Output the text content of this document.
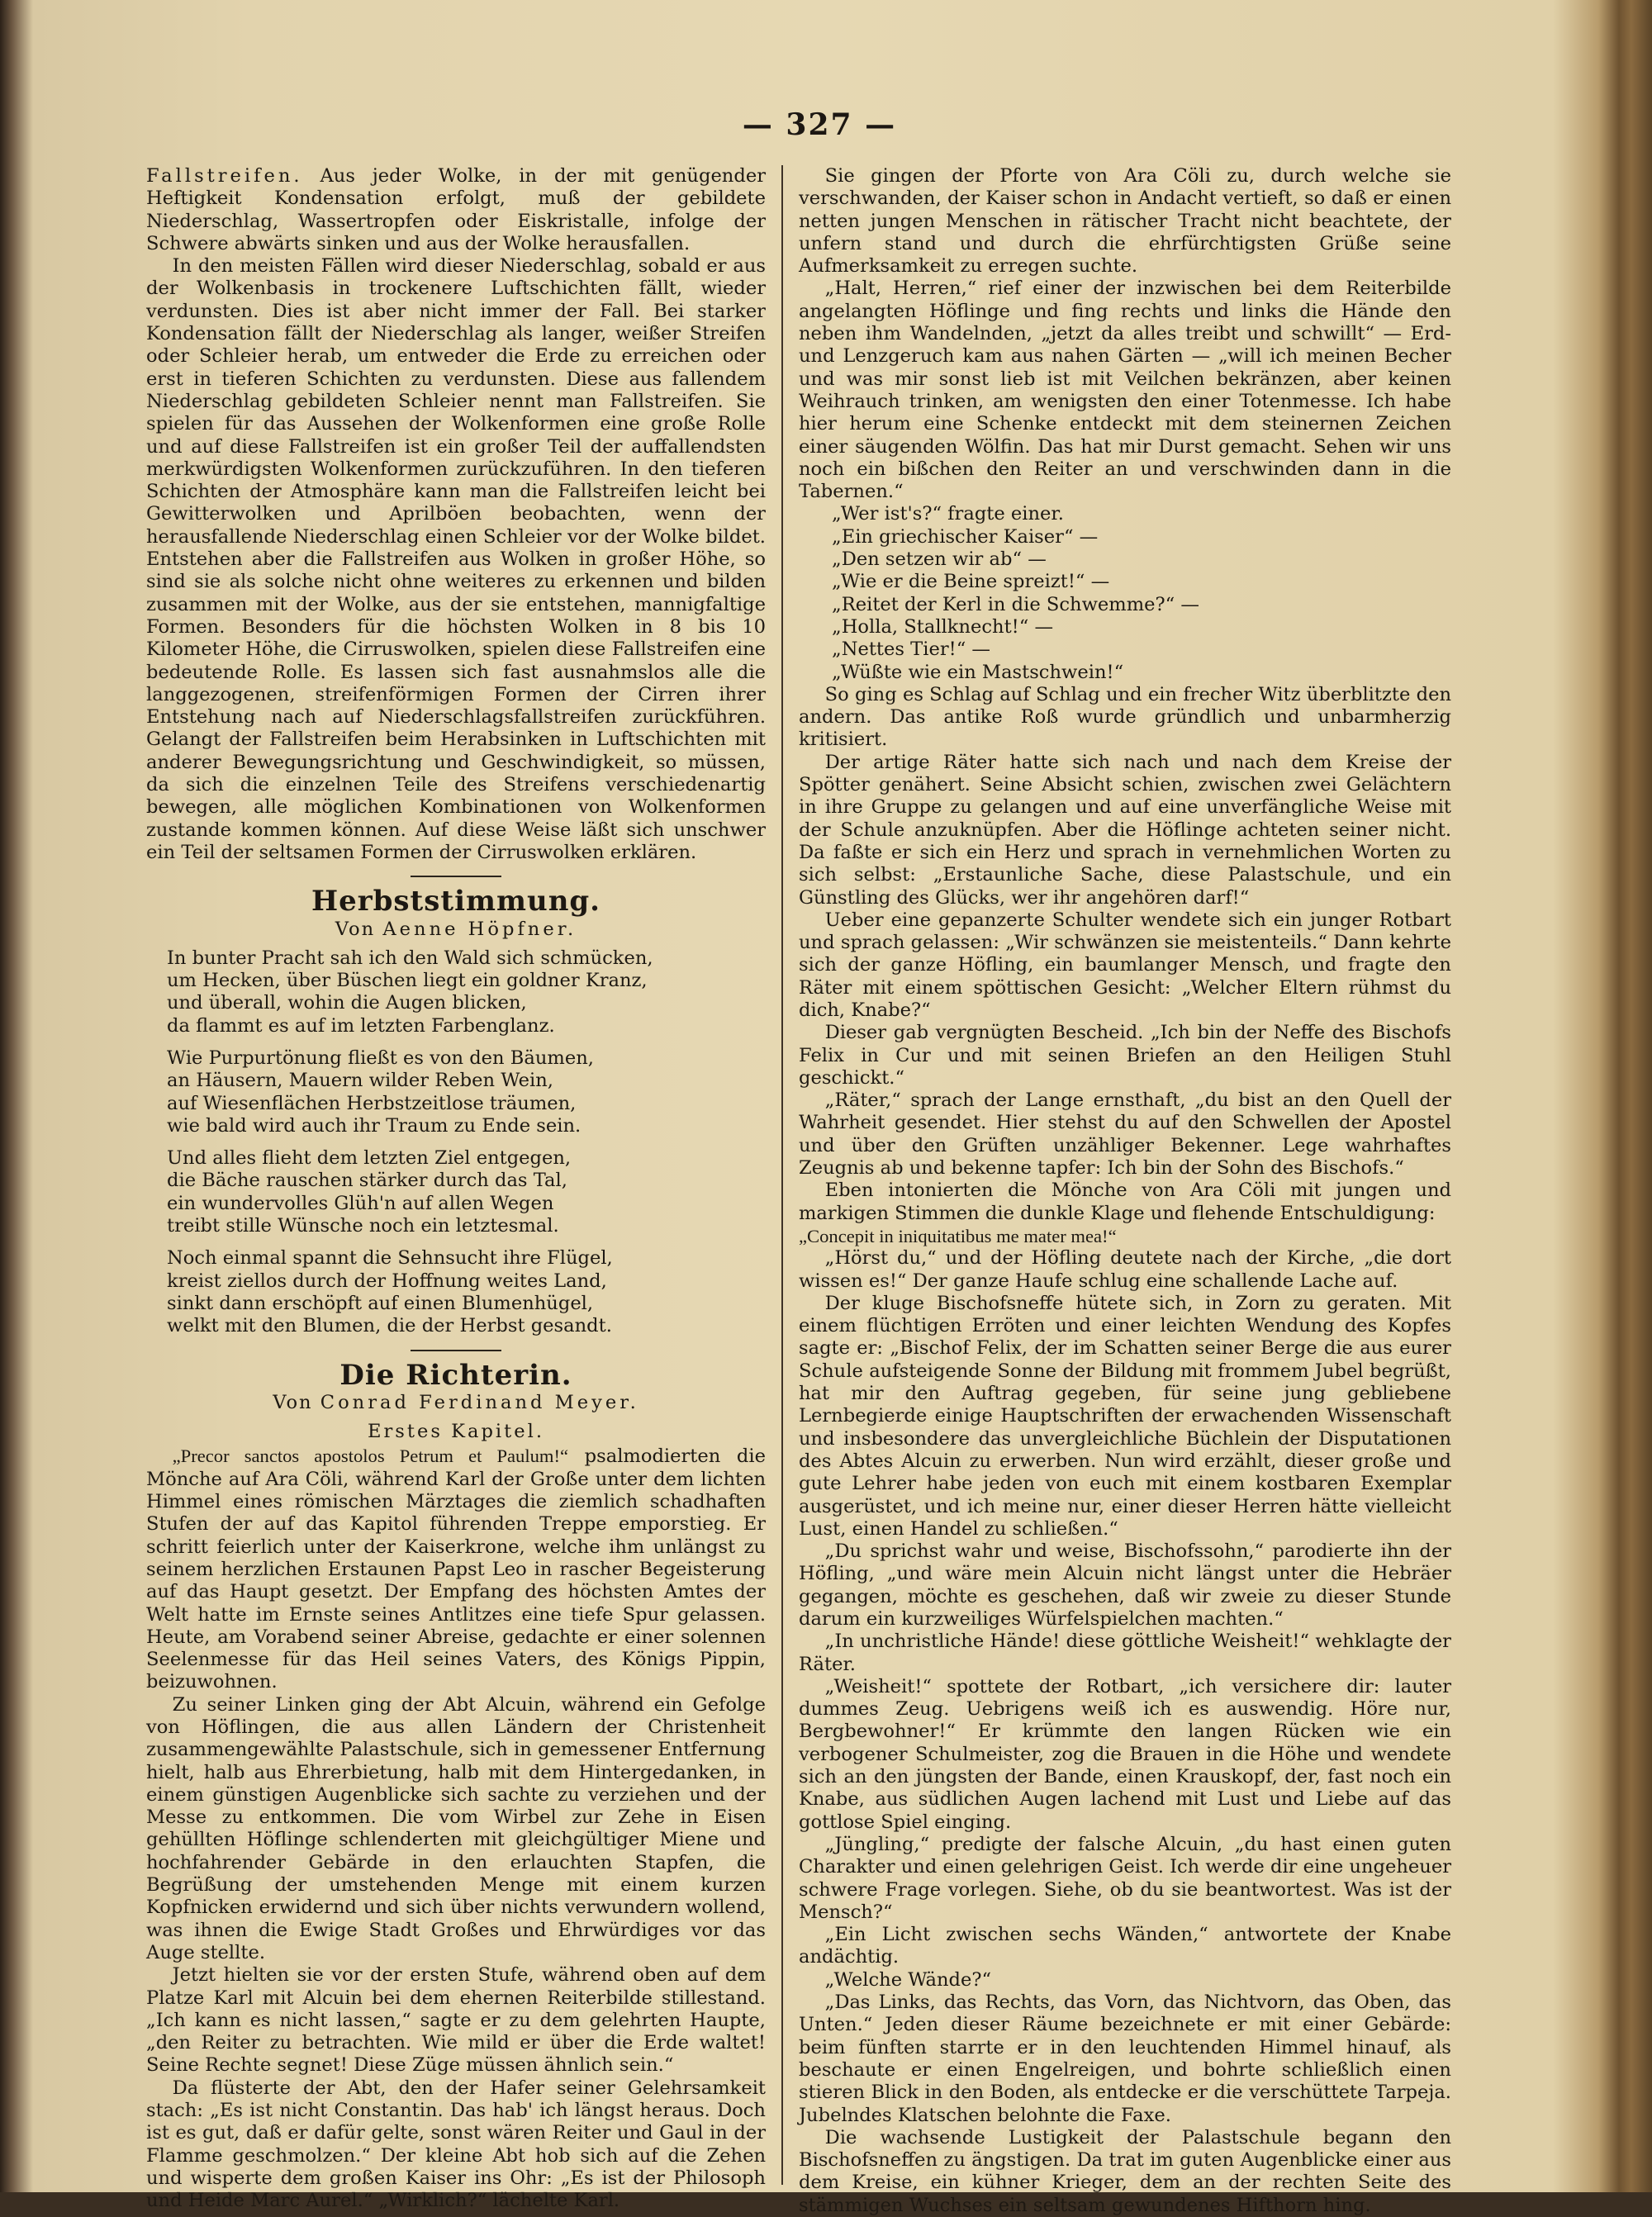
— 327 —

Fallstreifen. Aus jeder Wolke, in der mit genügender Heftigkeit Kondensation erfolgt, muß der gebildete Niederschlag, Wassertropfen oder Eiskristalle, infolge der Schwere abwärts sinken und aus der Wolke herausfallen.

In den meisten Fällen wird dieser Niederschlag, sobald er aus der Wolkenbasis in trockenere Luftschichten fällt, wieder verdunsten. Dies ist aber nicht immer der Fall. Bei starker Kondensation fällt der Niederschlag als langer, weißer Streifen oder Schleier herab, um entweder die Erde zu erreichen oder erst in tieferen Schichten zu verdunsten. Diese aus fallendem Niederschlag gebildeten Schleier nennt man Fallstreifen. Sie spielen für das Aussehen der Wolkenformen eine große Rolle und auf diese Fallstreifen ist ein großer Teil der auffallendsten merkwürdigsten Wolkenformen zurückzuführen. In den tieferen Schichten der Atmosphäre kann man die Fallstreifen leicht bei Gewitterwolken und Aprilböen beobachten, wenn der herausfallende Niederschlag einen Schleier vor der Wolke bildet. Entstehen aber die Fallstreifen aus Wolken in großer Höhe, so sind sie als solche nicht ohne weiteres zu erkennen und bilden zusammen mit der Wolke, aus der sie entstehen, mannigfaltige Formen. Besonders für die höchsten Wolken in 8 bis 10 Kilometer Höhe, die Cirruswolken, spielen diese Fallstreifen eine bedeutende Rolle. Es lassen sich fast ausnahmslos alle die langgezogenen, streifenförmigen Formen der Cirren ihrer Entstehung nach auf Niederschlagsfallstreifen zurückführen. Gelangt der Fallstreifen beim Herabsinken in Luftschichten mit anderer Bewegungsrichtung und Geschwindigkeit, so müssen, da sich die einzelnen Teile des Streifens verschiedenartig bewegen, alle möglichen Kombinationen von Wolkenformen zustande kommen können. Auf diese Weise läßt sich unschwer ein Teil der seltsamen Formen der Cirruswolken erklären.

Herbststimmung.
Von Aenne Höpfner.
In bunter Pracht sah ich den Wald sich schmücken,
um Hecken, über Büschen liegt ein goldner Kranz,
und überall, wohin die Augen blicken,
da flammt es auf im letzten Farbenglanz.
Wie Purpurtönung fließt es von den Bäumen,
an Häusern, Mauern wilder Reben Wein,
auf Wiesenflächen Herbstzeitlose träumen,
wie bald wird auch ihr Traum zu Ende sein.
Und alles flieht dem letzten Ziel entgegen,
die Bäche rauschen stärker durch das Tal,
ein wundervolles Glüh'n auf allen Wegen
treibt stille Wünsche noch ein letztesmal.
Noch einmal spannt die Sehnsucht ihre Flügel,
kreist ziellos durch der Hoffnung weites Land,
sinkt dann erschöpft auf einen Blumenhügel,
welkt mit den Blumen, die der Herbst gesandt.
Die Richterin.
Von Conrad Ferdinand Meyer.
Erstes Kapitel.

„Precor sanctos apostolos Petrum et Paulum!“ psalmodierten die Mönche auf Ara Cöli, während Karl der Große unter dem lichten Himmel eines römischen Märztages die ziemlich schadhaften Stufen der auf das Kapitol führenden Treppe emporstieg. Er schritt feierlich unter der Kaiserkrone, welche ihm unlängst zu seinem herzlichen Erstaunen Papst Leo in rascher Begeisterung auf das Haupt gesetzt. Der Empfang des höchsten Amtes der Welt hatte im Ernste seines Antlitzes eine tiefe Spur gelassen. Heute, am Vorabend seiner Abreise, gedachte er einer solennen Seelenmesse für das Heil seines Vaters, des Königs Pippin, beizuwohnen.

Zu seiner Linken ging der Abt Alcuin, während ein Gefolge von Höflingen, die aus allen Ländern der Christenheit zusammengewählte Palastschule, sich in gemessener Entfernung hielt, halb aus Ehrerbietung, halb mit dem Hintergedanken, in einem günstigen Augenblicke sich sachte zu verziehen und der Messe zu entkommen. Die vom Wirbel zur Zehe in Eisen gehüllten Höflinge schlenderten mit gleichgültiger Miene und hochfahrender Gebärde in den erlauchten Stapfen, die Begrüßung der umstehenden Menge mit einem kurzen Kopfnicken erwidernd und sich über nichts verwundern wollend, was ihnen die Ewige Stadt Großes und Ehrwürdiges vor das Auge stellte.

Jetzt hielten sie vor der ersten Stufe, während oben auf dem Platze Karl mit Alcuin bei dem ehernen Reiterbilde stillestand. „Ich kann es nicht lassen,“ sagte er zu dem gelehrten Haupte, „den Reiter zu betrachten. Wie mild er über die Erde waltet! Seine Rechte segnet! Diese Züge müssen ähnlich sein.“

Da flüsterte der Abt, den der Hafer seiner Gelehrsamkeit stach: „Es ist nicht Constantin. Das hab' ich längst heraus. Doch ist es gut, daß er dafür gelte, sonst wären Reiter und Gaul in der Flamme geschmolzen.“ Der kleine Abt hob sich auf die Zehen und wisperte dem großen Kaiser ins Ohr: „Es ist der Philosoph und Heide Marc Aurel.“ „Wirklich?“ lächelte Karl.

Sie gingen der Pforte von Ara Cöli zu, durch welche sie verschwanden, der Kaiser schon in Andacht vertieft, so daß er einen netten jungen Menschen in rätischer Tracht nicht beachtete, der unfern stand und durch die ehrfürchtigsten Grüße seine Aufmerksamkeit zu erregen suchte.

„Halt, Herren,“ rief einer der inzwischen bei dem Reiterbilde angelangten Höflinge und fing rechts und links die Hände den neben ihm Wandelnden, „jetzt da alles treibt und schwillt“ — Erd- und Lenzgeruch kam aus nahen Gärten — „will ich meinen Becher und was mir sonst lieb ist mit Veilchen bekränzen, aber keinen Weihrauch trinken, am wenigsten den einer Totenmesse. Ich habe hier herum eine Schenke entdeckt mit dem steinernen Zeichen einer säugenden Wölfin. Das hat mir Durst gemacht. Sehen wir uns noch ein bißchen den Reiter an und verschwinden dann in die Tabernen.“

„Wer ist's?“ fragte einer.
„Ein griechischer Kaiser“ —
„Den setzen wir ab“ —
„Wie er die Beine spreizt!“ —
„Reitet der Kerl in die Schwemme?“ —
„Holla, Stallknecht!“ —
„Nettes Tier!“ —
„Wüßte wie ein Mastschwein!“

So ging es Schlag auf Schlag und ein frecher Witz überblitzte den andern. Das antike Roß wurde gründlich und unbarmherzig kritisiert.

Der artige Räter hatte sich nach und nach dem Kreise der Spötter genähert. Seine Absicht schien, zwischen zwei Gelächtern in ihre Gruppe zu gelangen und auf eine unverfängliche Weise mit der Schule anzuknüpfen. Aber die Höflinge achteten seiner nicht. Da faßte er sich ein Herz und sprach in vernehmlichen Worten zu sich selbst: „Erstaunliche Sache, diese Palastschule, und ein Günstling des Glücks, wer ihr angehören darf!“

Ueber eine gepanzerte Schulter wendete sich ein junger Rotbart und sprach gelassen: „Wir schwänzen sie meistenteils.“ Dann kehrte sich der ganze Höfling, ein baumlanger Mensch, und fragte den Räter mit einem spöttischen Gesicht: „Welcher Eltern rühmst du dich, Knabe?“

Dieser gab vergnügten Bescheid. „Ich bin der Neffe des Bischofs Felix in Cur und mit seinen Briefen an den Heiligen Stuhl geschickt.“

„Räter,“ sprach der Lange ernsthaft, „du bist an den Quell der Wahrheit gesendet. Hier stehst du auf den Schwellen der Apostel und über den Grüften unzähliger Bekenner. Lege wahrhaftes Zeugnis ab und bekenne tapfer: Ich bin der Sohn des Bischofs.“

Eben intonierten die Mönche von Ara Cöli mit jungen und markigen Stimmen die dunkle Klage und flehende Entschuldigung:

„Concepit in iniquitatibus me mater mea!“

„Hörst du,“ und der Höfling deutete nach der Kirche, „die dort wissen es!“ Der ganze Haufe schlug eine schallende Lache auf.

Der kluge Bischofsneffe hütete sich, in Zorn zu geraten. Mit einem flüchtigen Erröten und einer leichten Wendung des Kopfes sagte er: „Bischof Felix, der im Schatten seiner Berge die aus eurer Schule aufsteigende Sonne der Bildung mit frommem Jubel begrüßt, hat mir den Auftrag gegeben, für seine jung gebliebene Lernbegierde einige Hauptschriften der erwachenden Wissenschaft und insbesondere das unvergleichliche Büchlein der Disputationen des Abtes Alcuin zu erwerben. Nun wird erzählt, dieser große und gute Lehrer habe jeden von euch mit einem kostbaren Exemplar ausgerüstet, und ich meine nur, einer dieser Herren hätte vielleicht Lust, einen Handel zu schließen.“

„Du sprichst wahr und weise, Bischofssohn,“ parodierte ihn der Höfling, „und wäre mein Alcuin nicht längst unter die Hebräer gegangen, möchte es geschehen, daß wir zweie zu dieser Stunde darum ein kurzweiliges Würfelspielchen machten.“

„In unchristliche Hände! diese göttliche Weisheit!“ wehklagte der Räter.

„Weisheit!“ spottete der Rotbart, „ich versichere dir: lauter dummes Zeug. Uebrigens weiß ich es auswendig. Höre nur, Bergbewohner!“ Er krümmte den langen Rücken wie ein verbogener Schulmeister, zog die Brauen in die Höhe und wendete sich an den jüngsten der Bande, einen Krauskopf, der, fast noch ein Knabe, aus südlichen Augen lachend mit Lust und Liebe auf das gottlose Spiel einging.

„Jüngling,“ predigte der falsche Alcuin, „du hast einen guten Charakter und einen gelehrigen Geist. Ich werde dir eine ungeheuer schwere Frage vorlegen. Siehe, ob du sie beantwortest. Was ist der Mensch?“

„Ein Licht zwischen sechs Wänden,“ antwortete der Knabe andächtig.

„Welche Wände?“

„Das Links, das Rechts, das Vorn, das Nichtvorn, das Oben, das Unten.“ Jeden dieser Räume bezeichnete er mit einer Gebärde: beim fünften starrte er in den leuchtenden Himmel hinauf, als beschaute er einen Engelreigen, und bohrte schließlich einen stieren Blick in den Boden, als entdecke er die verschüttete Tarpeja. Jubelndes Klatschen belohnte die Faxe.

Die wachsende Lustigkeit der Palastschule begann den Bischofsneffen zu ängstigen. Da trat im guten Augenblicke einer aus dem Kreise, ein kühner Krieger, dem an der rechten Seite des stämmigen Wuchses ein seltsam gewundenes Hifthorn hing.
